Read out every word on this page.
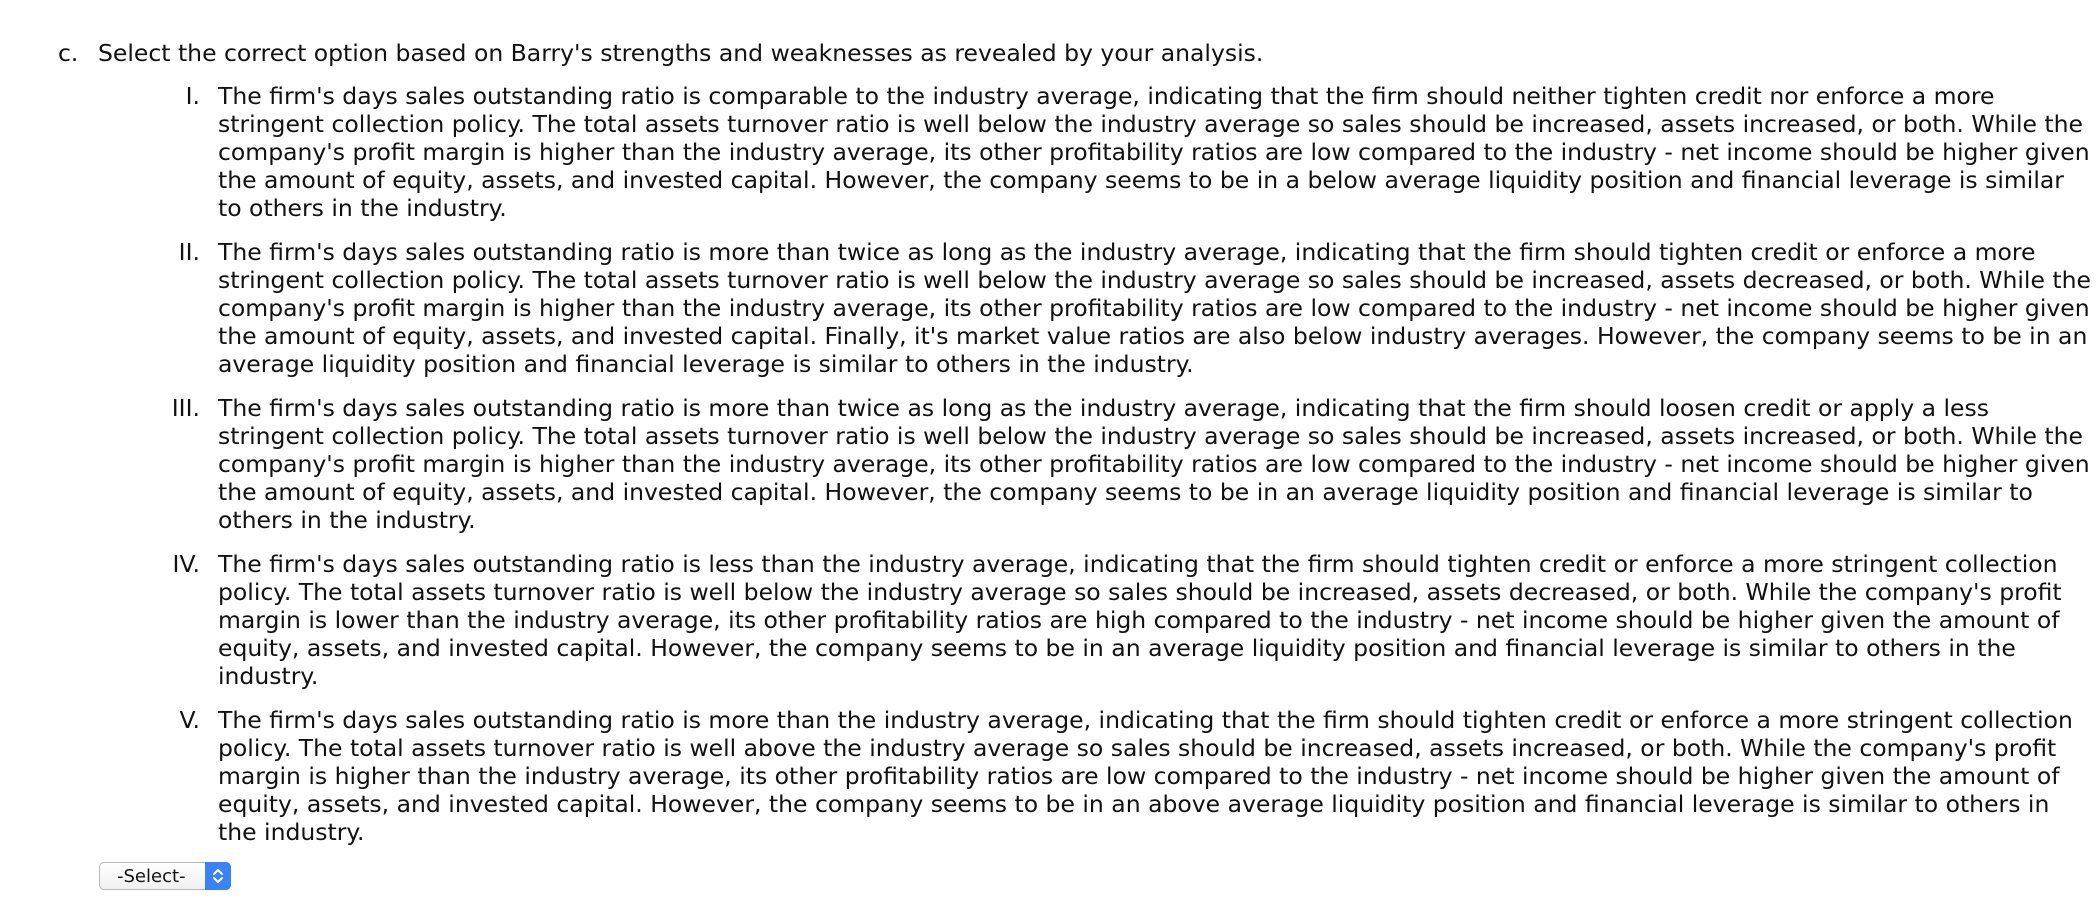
c. Select the correct option based on Barry's strengths and weaknesses as revealed by your analysis.
I. The firm's days sales outstanding ratio is comparable to the industry average, indicating that the firm should neither tighten credit nor enforce a more stringent collection policy. The total assets turnover ratio is well below the industry average so sales should be increased, assets increased, or both. While the company's profit margin is higher than the industry average, its other profitability ratios are low compared to the industry - net income should be higher given the amount of equity, assets, and invested capital. However, the company seems to be in a below average liquidity position and financial leverage is similar to others in the industry.
II. The firm's days sales outstanding ratio is more than twice as long as the industry average, indicating that the firm should tighten credit or enforce a more stringent collection policy. The total assets turnover ratio is well below the industry average so sales should be increased, assets decreased, or both. While the company's profit margin is higher than the industry average, its other profitability ratios are low compared to the industry - net income should be higher given the amount of equity, assets, and invested capital. Finally, it's market value ratios are also below industry averages. However, the company seems to be in an average liquidity position and financial leverage is similar to others in the industry.
III. The firm's days sales outstanding ratio is more than twice as long as the industry average, indicating that the firm should loosen credit or apply a less stringent collection policy. The total assets turnover ratio is well below the industry average so sales should be increased, assets increased, or both. While the company's profit margin is higher than the industry average, its other profitability ratios are low compared to the industry - net income should be higher given the amount of equity, assets, and invested capital. However, the company seems to be in an average liquidity position and financial leverage is similar to others in the industry.
IV. The firm's days sales outstanding ratio is less than the industry average, indicating that the firm should tighten credit or enforce a more stringent collection policy. The total assets turnover ratio is well below the industry average so sales should be increased, assets decreased, or both. While the company's profit margin is lower than the industry average, its other profitability ratios are high compared to the industry - net income should be higher given the amount of equity, assets, and invested capital. However, the company seems to be in an average liquidity position and financial leverage is similar to others in the industry.
V. The firm's days sales outstanding ratio is more than the industry average, indicating that the firm should tighten credit or enforce a more stringent collection policy. The total assets turnover ratio is well above the industry average so sales should be increased, assets increased, or both. While the company's profit margin is higher than the industry average, its other profitability ratios are low compared to the industry - net income should be higher given the amount of equity, assets, and invested capital. However, the company seems to be in an above average liquidity position and financial leverage is similar to others in the industry.
-Select-
